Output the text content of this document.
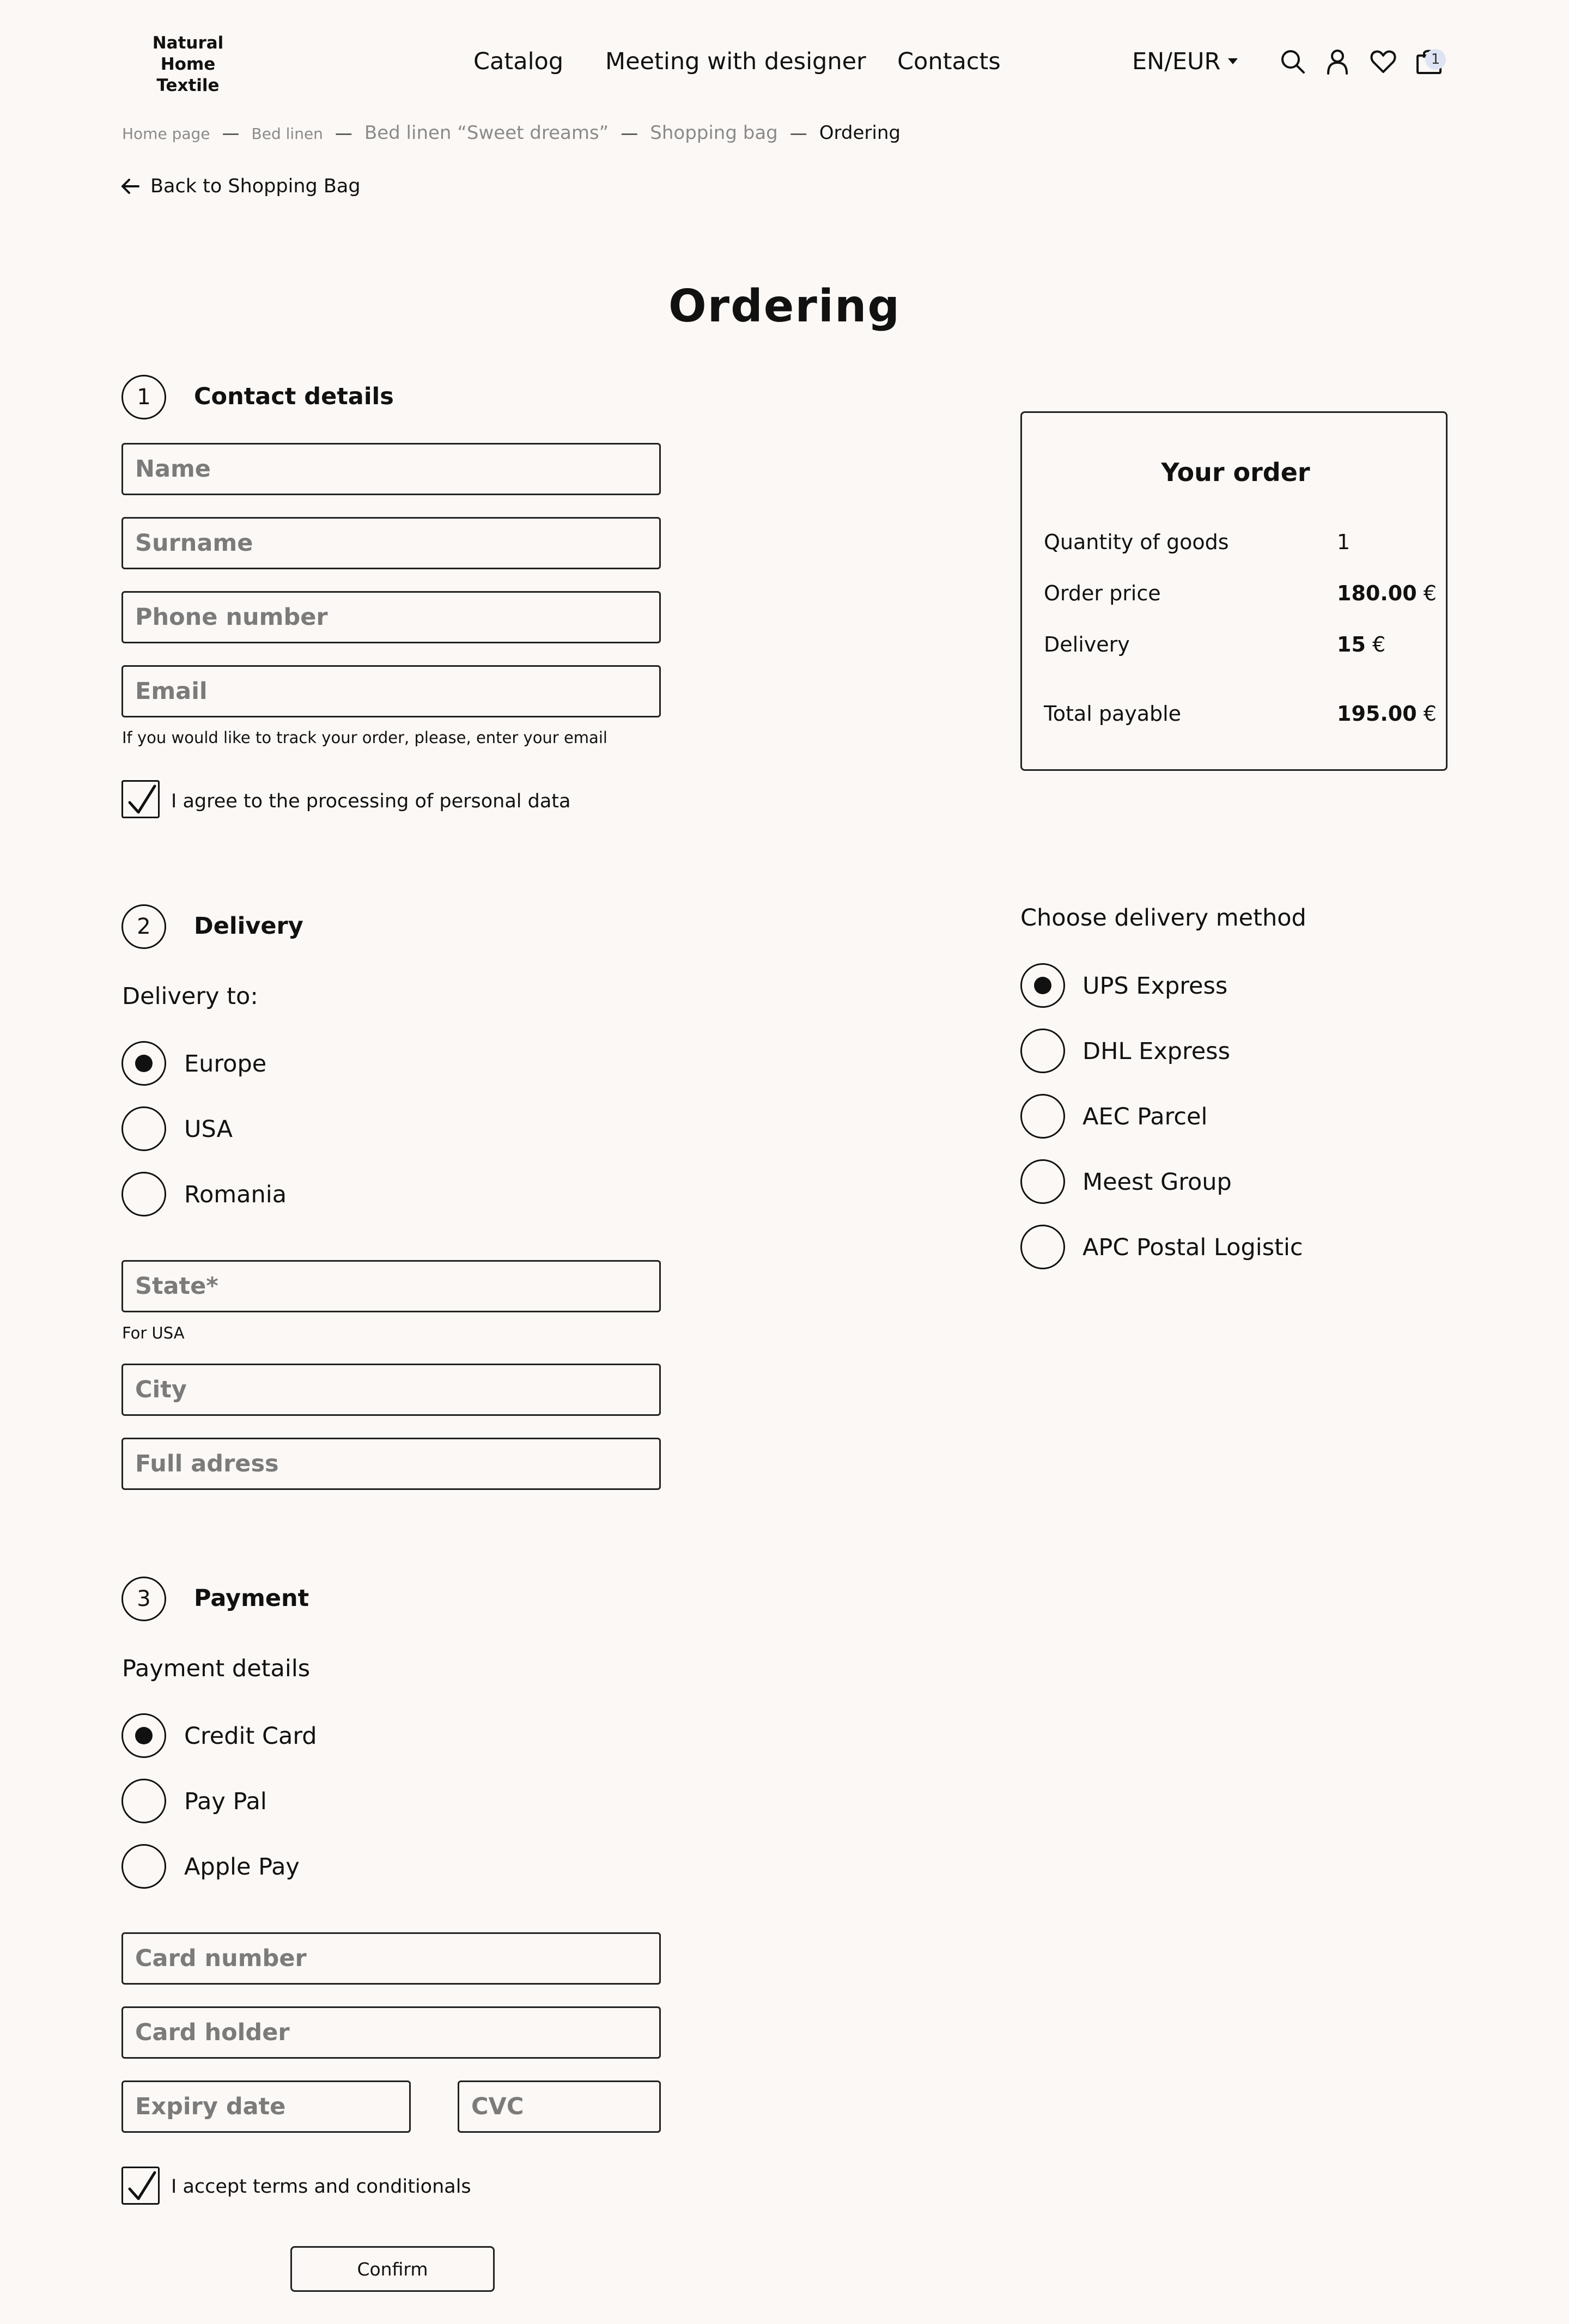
Natural Home
Textile
Catalog Meeting with designer Contacts	EN/EUR	1
Home page — Bed linen — Bed linen “Sweet dreams” — Shopping bag — Ordering
Back to Shopping Bag
Ordering
1	Contact details
Name
Surname
Phone number
Email
If you would like to track your order, please, enter your email
I agree to the processing of personal data
Your order
Quantity of goods	1
Order price	180.00 €
Delivery	15 €
Total payable	195.00 €
2	Delivery
Delivery to:
Europe
USA
Romania
State*
For USA
City
Full adress
Choose delivery method
UPS Express
DHL Express
AEC Parcel
Meest Group
APC Postal Logistic
3	Payment
Payment details
Credit Card
Pay Pal
Apple Pay
Card number
Card holder
Expiry date
CVC
I accept terms and conditionals
Confirm
